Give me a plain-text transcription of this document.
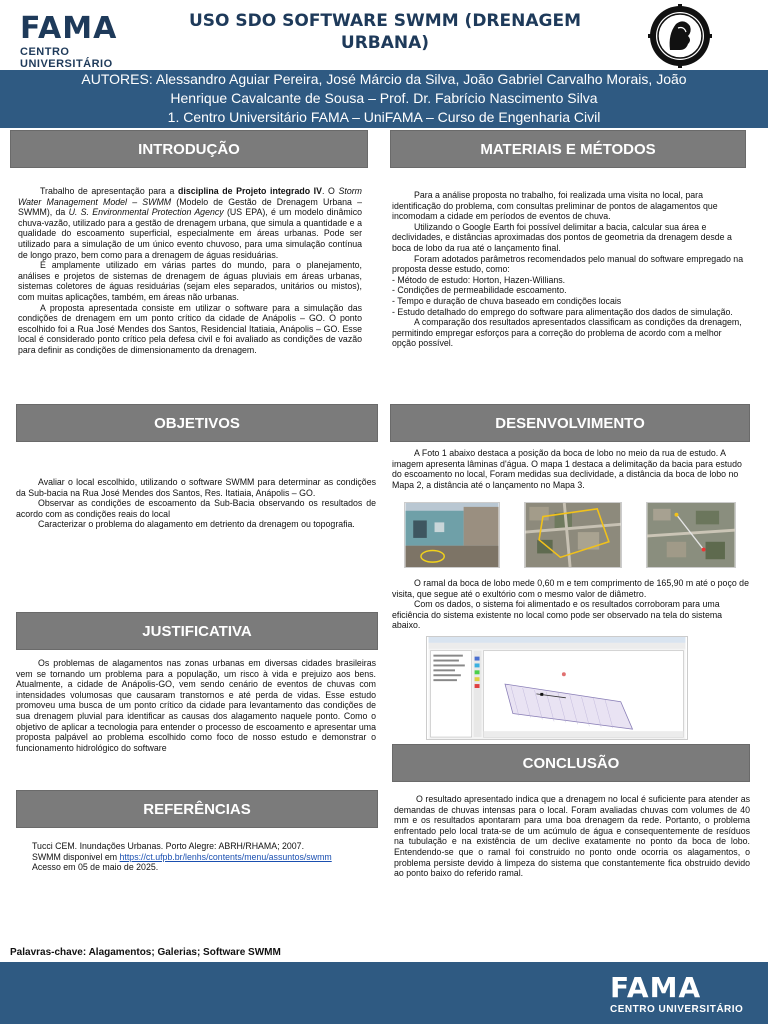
FAMA
CENTRO UNIVERSITÁRIO
USO SDO SOFTWARE SWMM (DRENAGEM
URBANA)
AUTORES: Alessandro Aguiar Pereira, José Márcio da Silva, João Gabriel Carvalho Morais, João
Henrique Cavalcante de Sousa – Prof. Dr. Fabrício Nascimento Silva
1. Centro Universitário FAMA – UniFAMA – Curso de Engenharia Civil
INTRODUÇÃO

Trabalho de apresentação para a disciplina de Projeto integrado IV. O Storm Water Management Model – SWMM (Modelo de Gestão de Drenagem Urbana – SWMM), da U. S. Environmental Protection Agency (US EPA), é um modelo dinâmico chuva-vazão, utilizado para a gestão de drenagem urbana, que simula a quantidade e a qualidade do escoamento superficial, especialmente em áreas urbanas. Pode ser utilizado para a simulação de um único evento chuvoso, para uma simulação contínua de longo prazo, bem como para a drenagem de águas residuárias.

É amplamente utilizado em várias partes do mundo, para o planejamento, análises e projetos de sistemas de drenagem de águas pluviais em áreas urbanas, sistemas coletores de águas residuárias (sejam eles separados, unitários ou mistos), com muitas aplicações, também, em áreas não urbanas.

A proposta apresentada consiste em utilizar o software para a simulação das condições de drenagem em um ponto crítico da cidade de Anápolis – GO. O ponto escolhido foi a Rua José Mendes dos Santos, Residencial Itatiaia, Anápolis – GO. Esse local é considerado ponto crítico pela defesa civil e foi avaliado as condições de vazão para definir as condições de dimensionamento da drenagem.

MATERIAIS E MÉTODOS

Para a análise proposta no trabalho, foi realizada uma visita no local, para identificação do problema, com consultas preliminar de pontos de alagamentos que incomodam a cidade em períodos de eventos de chuva.

Utilizando o Google Earth foi possível delimitar a bacia, calcular sua área e declividades, e distâncias aproximadas dos pontos de geometria da drenagem desde a boca de lobo da rua até o lançamento final.

Foram adotados parâmetros recomendados pelo manual do software empregado na proposta desse estudo, como:

- Método de estudo: Horton, Hazen-Willians.
- Condições de permeabilidade escoamento.
- Tempo e duração de chuva baseado em condições locais
- Estudo detalhado do emprego do software para alimentação dos dados de simulação.

A comparação dos resultados apresentados classificam as condições da drenagem, permitindo empregar esforços para a correção do problema de acordo com a melhor opção possível.

OBJETIVOS

Avaliar o local escolhido, utilizando o software SWMM para determinar as condições da Sub-bacia na Rua José Mendes dos Santos, Res. Itatiaia, Anápolis – GO.

Observar as condições de escoamento da Sub-Bacia observando os resultados de acordo com as condições reais do local

Caracterizar o problema do alagamento em detriento da drenagem ou topografia.

DESENVOLVIMENTO

A Foto 1 abaixo destaca a posição da boca de lobo no meio da rua de estudo. A imagem apresenta lâminas d'água. O mapa 1 destaca a delimitação da bacia para estudo do escoamento no local, Foram medidas sua declividade, a distância da boca de lobo no Mapa 2, a distância até o lançamento no Mapa 3.

O ramal da boca de lobo mede 0,60 m e tem comprimento de 165,90 m até o poço de visita, que segue até o exultório com o mesmo valor de diâmetro.

Com os dados, o sistema foi alimentado e os resultados corroboram para uma eficiência do sistema existente no local como pode ser observado na tela do sistema abaixo.

JUSTIFICATIVA

Os problemas de alagamentos nas zonas urbanas em diversas cidades brasileiras vem se tornando um problema para a população, um risco à vida e prejuizo aos bens. Atualmente, a cidade de Anápolis-GO, vem sendo cenário de eventos de chuvas com intensidades volumosas que causaram transtornos e até perda de vidas. Esse estudo promoveu uma busca de um ponto crítico da cidade para levantamento das condições de sua drenagem pluvial para identificar as causas dos alagamento naquele ponto. Como o objetivo de aplicar a tecnologia para entender o processo de escoamento e apresentar uma proposta palpável ao problema escolhido como foco de nosso estudo e demonstrar o funcionamento hidrológico do software

CONCLUSÃO

O resultado apresentado indica que a drenagem no local é suficiente para atender as demandas de chuvas intensas para o local. Foram avaliadas chuvas com volumes de 40 mm e os resultados apontaram para uma boa drenagem da rede. Portanto, o problema enfrentado pelo local trata-se de um acúmulo de água e consequentemente de resíduos na tubulação e na existência de um declive exatamente no ponto da boca de lobo. Entendendo-se que o ramal foi construido no ponto onde ocorria os alagamentos, o problema persiste devido à limpeza do sistema que constantemente fica obstruido devido ao ponto baixo do referido ramal.

REFERÊNCIAS
Tucci CEM. Inundações Urbanas. Porto Alegre: ABRH/RHAMA; 2007.
SWMM disponivel em https://ct.ufpb.br/lenhs/contents/menu/assuntos/swmm
Acesso em 05 de maio de 2025.
Palavras-chave: Alagamentos; Galerias; Software SWMM
FAMA
CENTRO UNIVERSITÁRIO
